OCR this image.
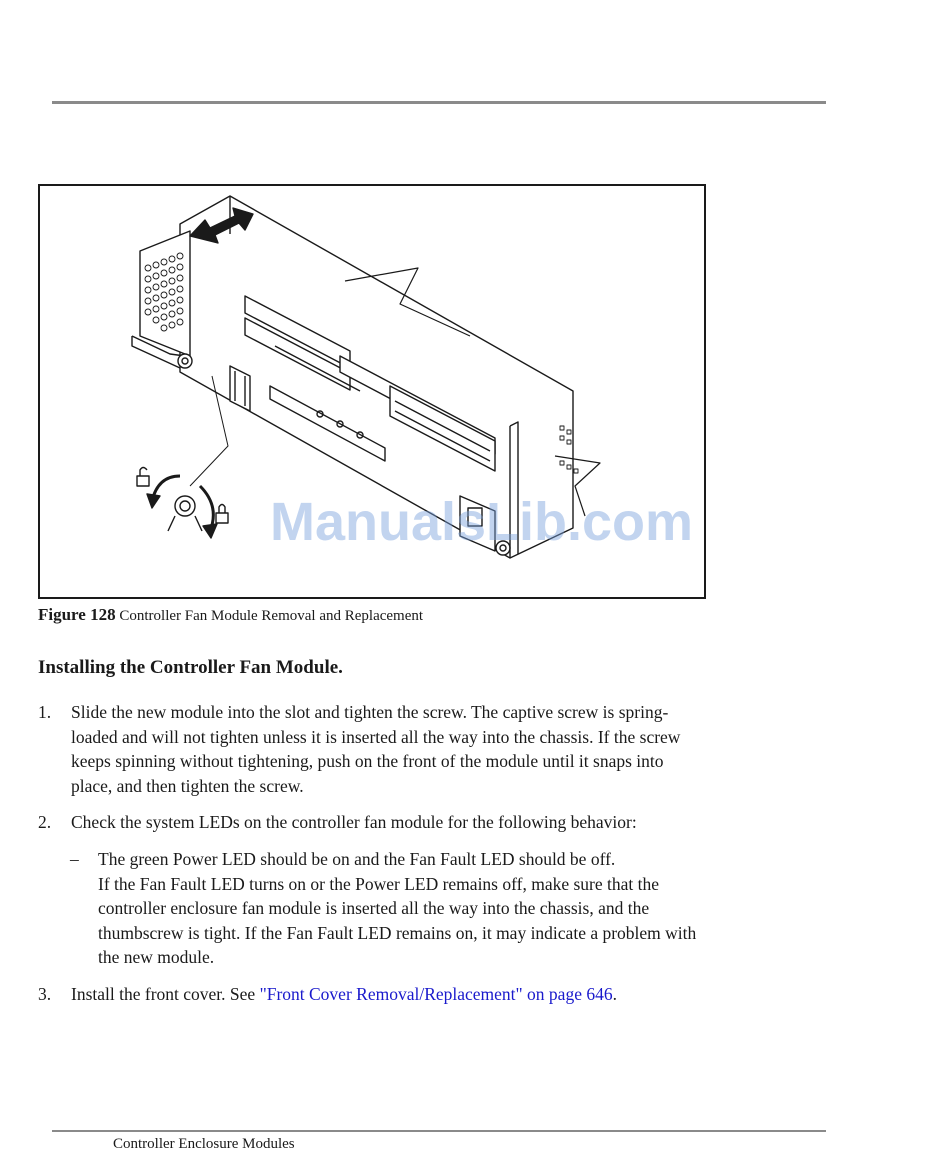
ManualsLib.com
Figure 128 Controller Fan Module Removal and Replacement
Installing the Controller Fan Module.
1. Slide the new module into the slot and tighten the screw. The captive screw is spring-
loaded and will not tighten unless it is inserted all the way into the chassis. If the screw
keeps spinning without tightening, push on the front of the module until it snaps into
place, and then tighten the screw.
2. Check the system LEDs on the controller fan module for the following behavior:
– The green Power LED should be on and the Fan Fault LED should be off.
If the Fan Fault LED turns on or the Power LED remains off, make sure that the
controller enclosure fan module is inserted all the way into the chassis, and the
thumbscrew is tight. If the Fan Fault LED remains on, it may indicate a problem with
the new module.
3. Install the front cover. See "Front Cover Removal/Replacement" on page 646.
Controller Enclosure Modules
